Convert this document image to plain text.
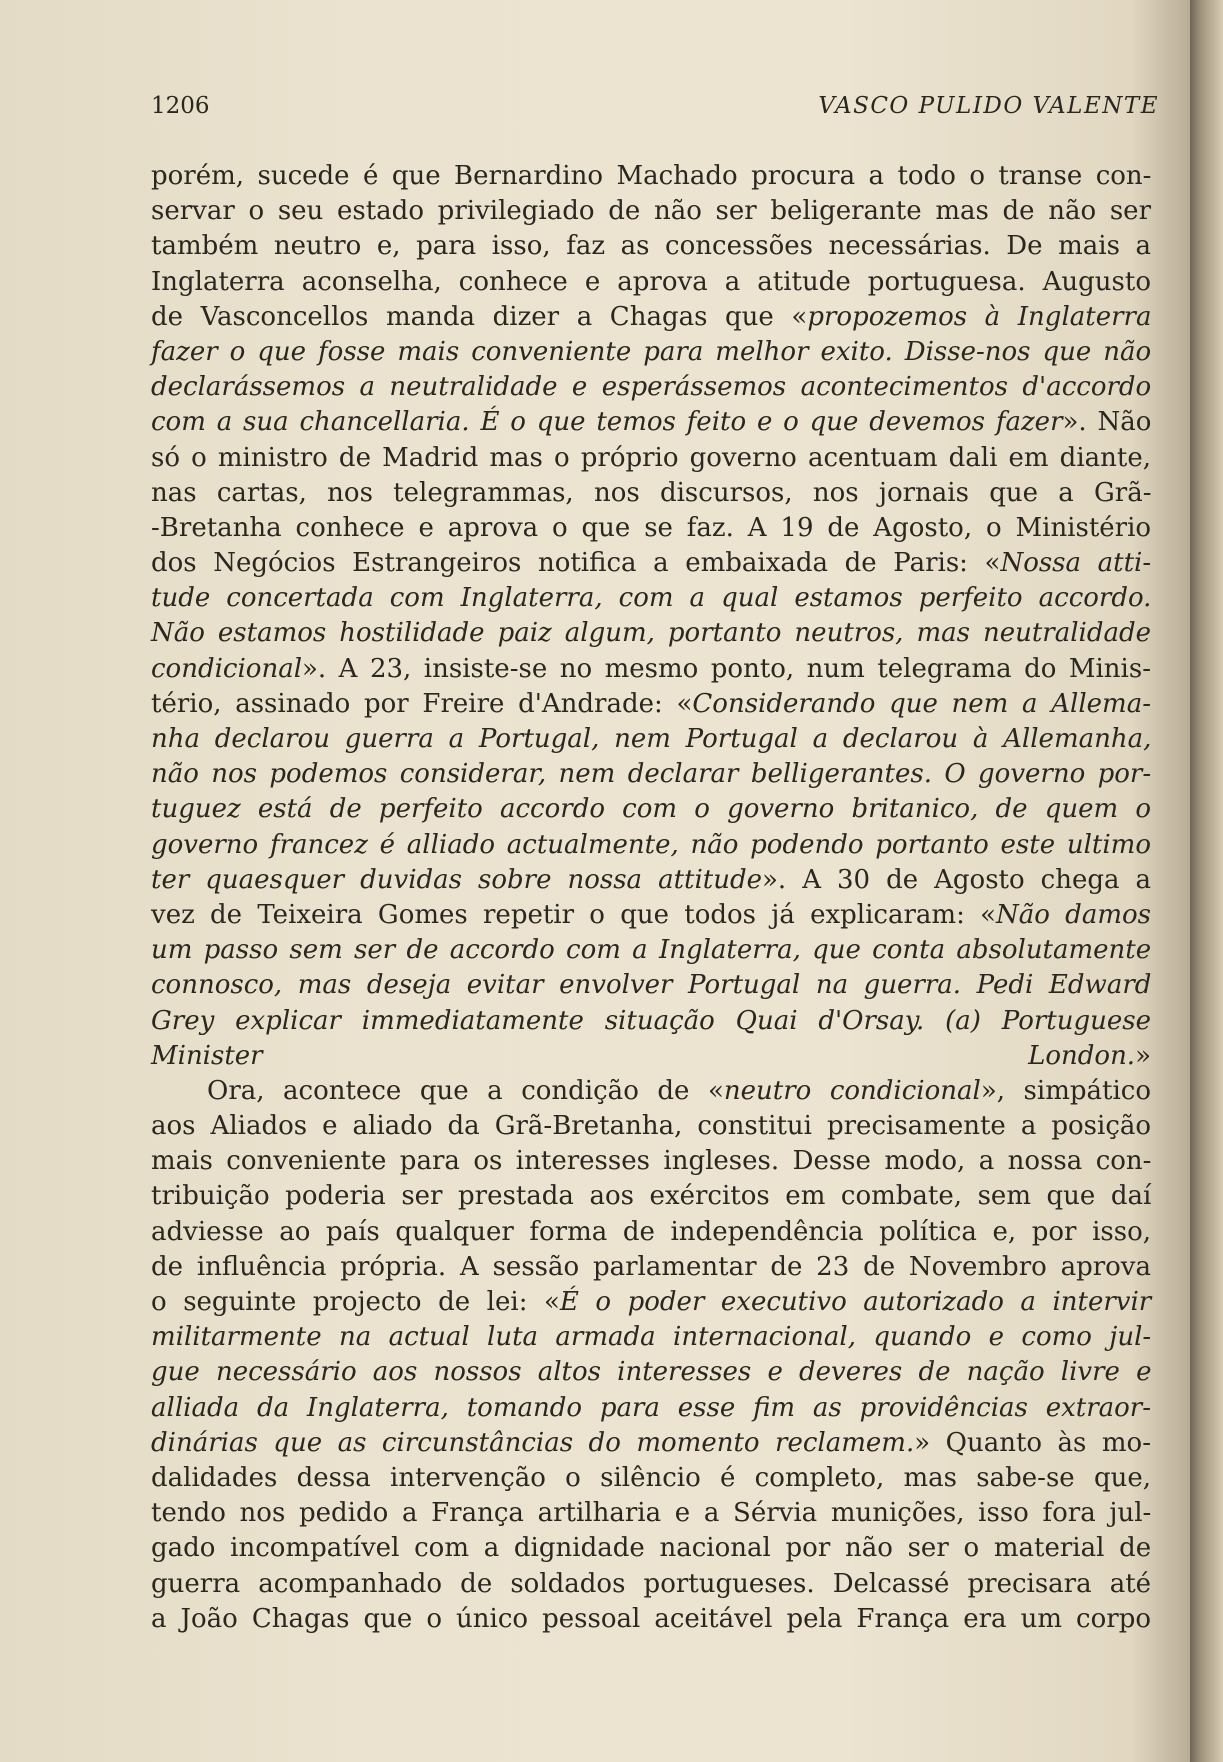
1206	VASCO PULIDO VALENTE
porém, sucede é que Bernardino Machado procura a todo o transe con-
servar o seu estado privilegiado de não ser beligerante mas de não ser
também neutro e, para isso, faz as concessões necessárias. De mais a
Inglaterra aconselha, conhece e aprova a atitude portuguesa. Augusto
de Vasconcellos manda dizer a Chagas que «propozemos à Inglaterra
fazer o que fosse mais conveniente para melhor exito. Disse-nos que não
declarássemos a neutralidade e esperássemos acontecimentos d'accordo
com a sua chancellaria. É o que temos feito e o que devemos fazer». Não
só o ministro de Madrid mas o próprio governo acentuam dali em diante,
nas cartas, nos telegrammas, nos discursos, nos jornais que a Grã-
-Bretanha conhece e aprova o que se faz. A 19 de Agosto, o Ministério
dos Negócios Estrangeiros notifica a embaixada de Paris: «Nossa atti-
tude concertada com Inglaterra, com a qual estamos perfeito accordo.
Não estamos hostilidade paiz algum, portanto neutros, mas neutralidade
condicional». A 23, insiste-se no mesmo ponto, num telegrama do Minis-
tério, assinado por Freire d'Andrade: «Considerando que nem a Allema-
nha declarou guerra a Portugal, nem Portugal a declarou à Allemanha,
não nos podemos considerar, nem declarar belligerantes. O governo por-
tuguez está de perfeito accordo com o governo britanico, de quem o
governo francez é alliado actualmente, não podendo portanto este ultimo
ter quaesquer duvidas sobre nossa attitude». A 30 de Agosto chega a
vez de Teixeira Gomes repetir o que todos já explicaram: «Não damos
um passo sem ser de accordo com a Inglaterra, que conta absolutamente
connosco, mas deseja evitar envolver Portugal na guerra. Pedi Edward
Grey explicar immediatamente situação Quai d'Orsay. (a) Portuguese
Minister London.»
Ora, acontece que a condição de «neutro condicional», simpático
aos Aliados e aliado da Grã-Bretanha, constitui precisamente a posição
mais conveniente para os interesses ingleses. Desse modo, a nossa con-
tribuição poderia ser prestada aos exércitos em combate, sem que daí
adviesse ao país qualquer forma de independência política e, por isso,
de influência própria. A sessão parlamentar de 23 de Novembro aprova
o seguinte projecto de lei: «É o poder executivo autorizado a intervir
militarmente na actual luta armada internacional, quando e como jul-
gue necessário aos nossos altos interesses e deveres de nação livre e
alliada da Inglaterra, tomando para esse fim as providências extraor-
dinárias que as circunstâncias do momento reclamem.» Quanto às mo-
dalidades dessa intervenção o silêncio é completo, mas sabe-se que,
tendo nos pedido a França artilharia e a Sérvia munições, isso fora jul-
gado incompatível com a dignidade nacional por não ser o material de
guerra acompanhado de soldados portugueses. Delcassé precisara até
a João Chagas que o único pessoal aceitável pela França era um corpo
